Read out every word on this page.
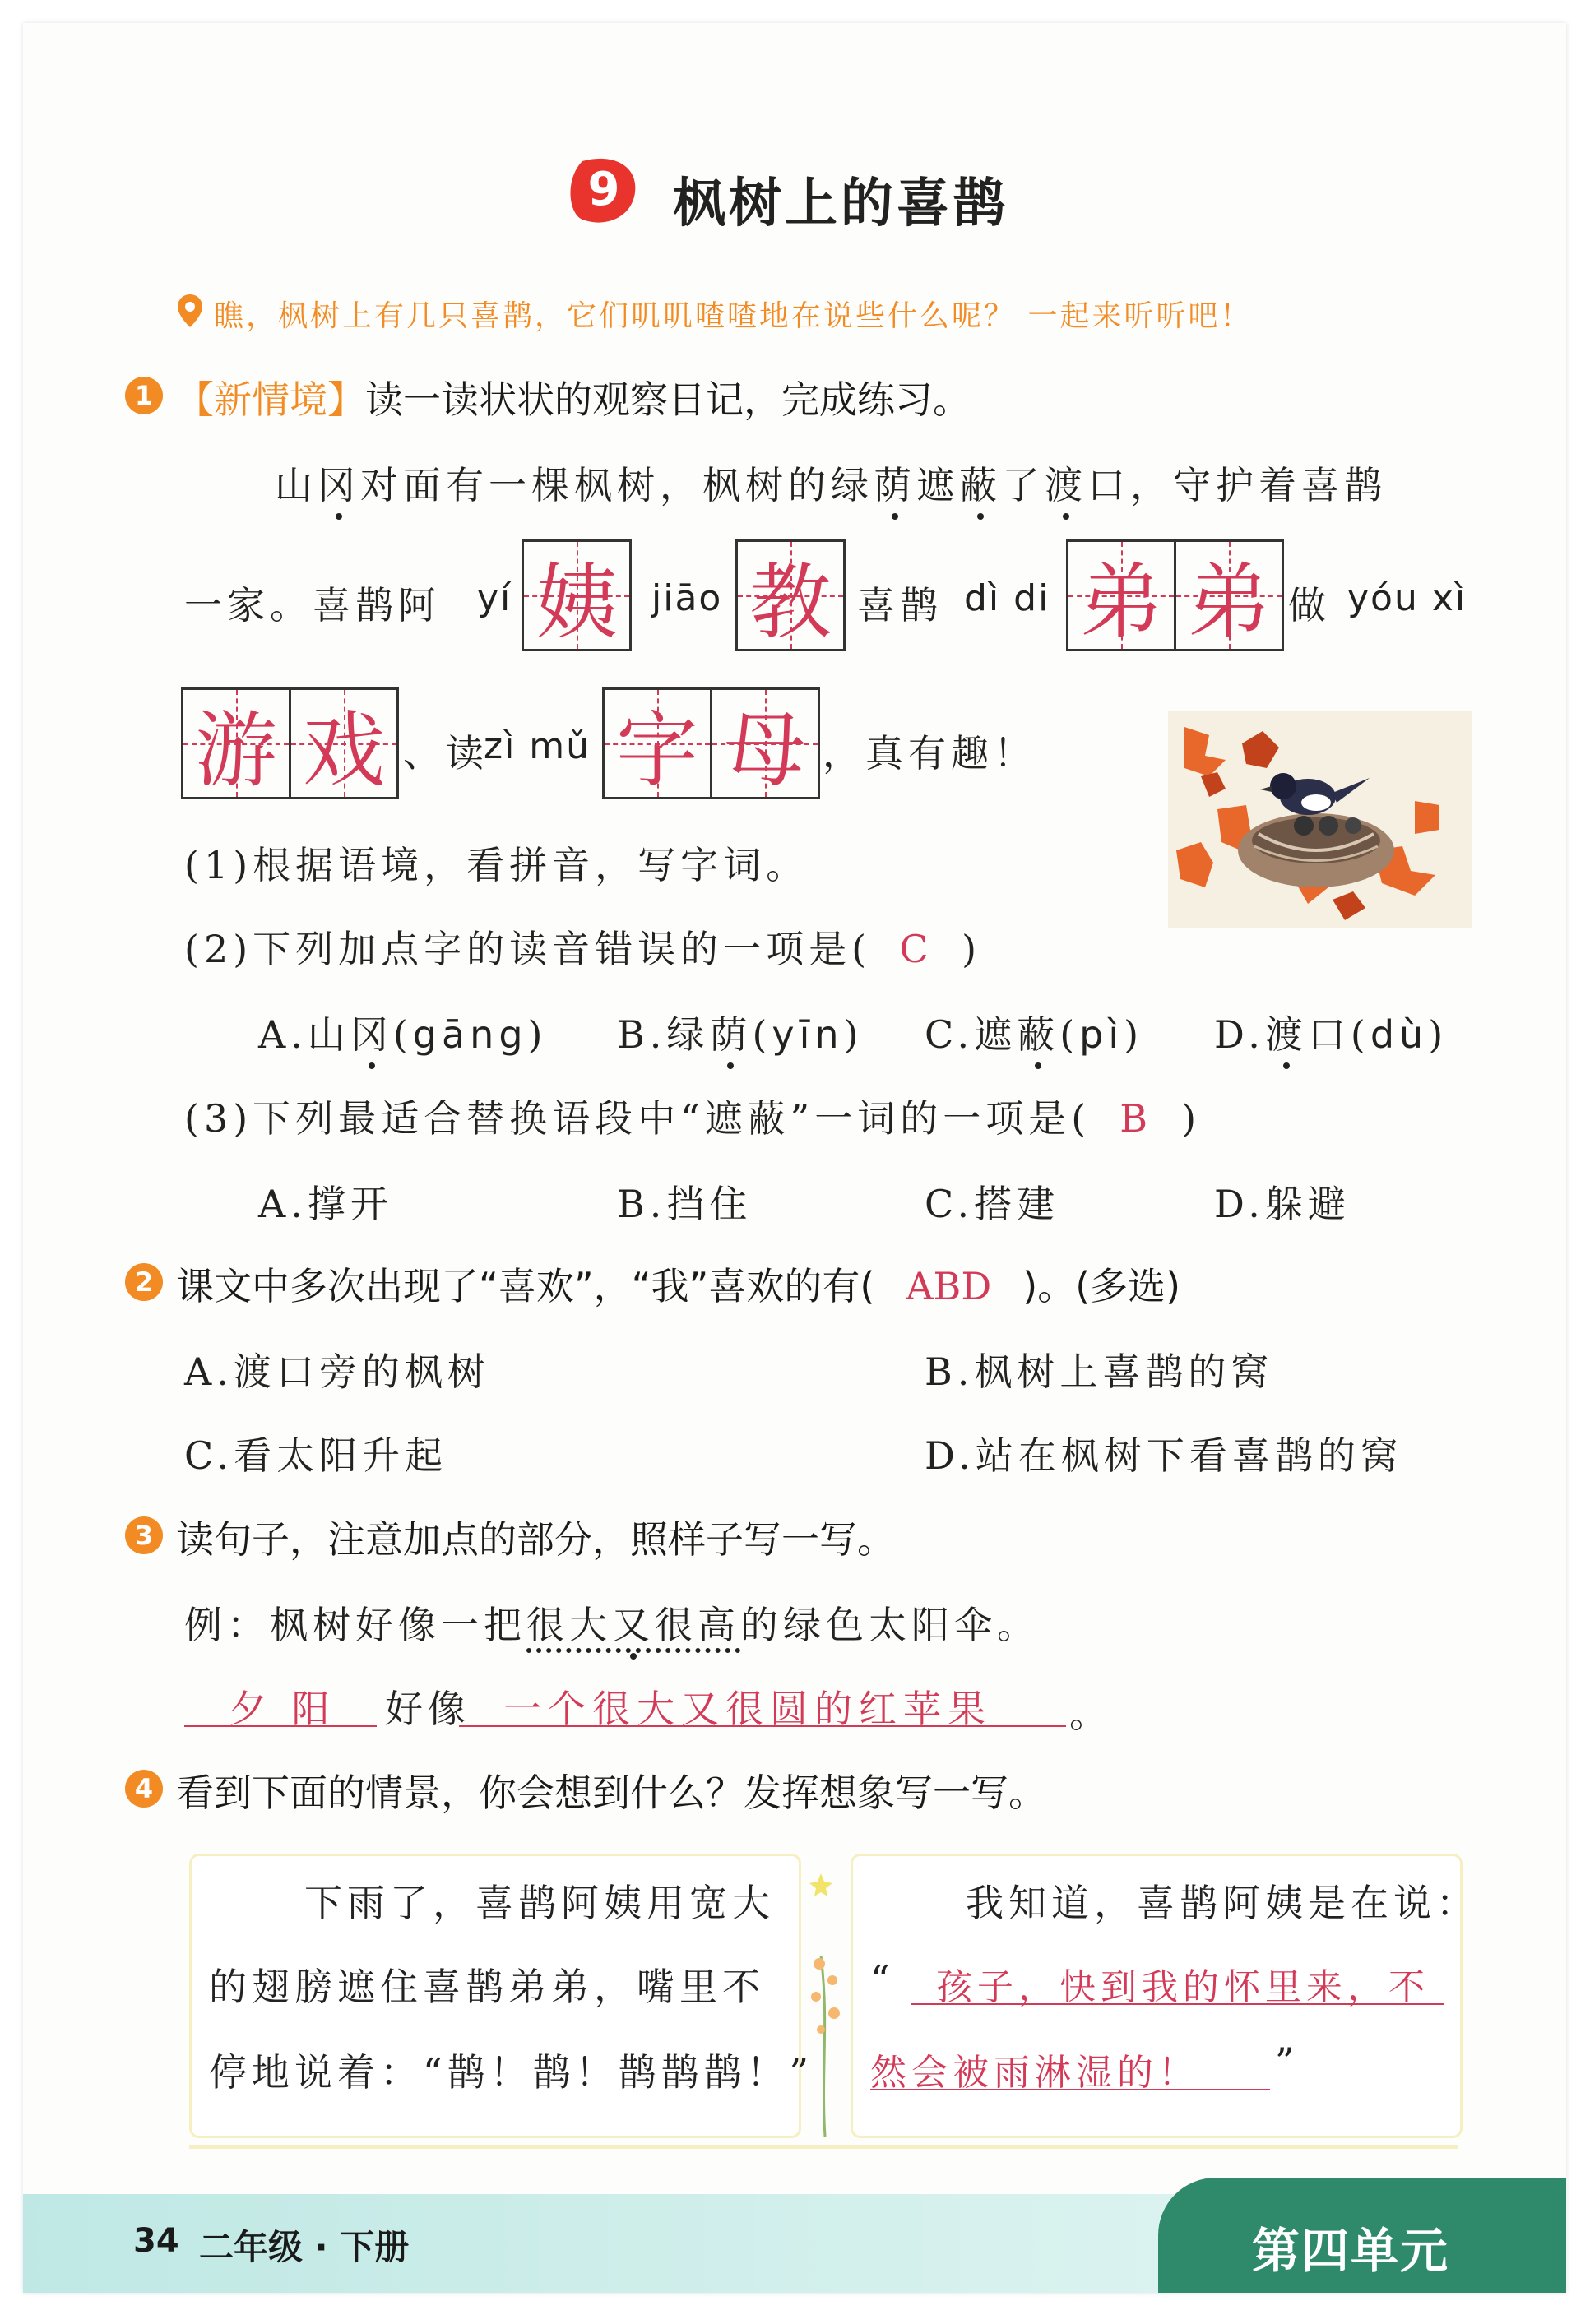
9	枫树上的喜鹊
瞧，枫树上有几只喜鹊，它们叽叽喳喳地在说些什么呢？ 一起来听听吧！
1 【新情境】读一读状状的观察日记，完成练习。
山冈对面有一棵枫树，枫树的绿荫遮蔽了渡口，守护着喜鹊
一家。喜鹊阿 yí 姨 jiāo 教 喜鹊 dì di 弟 弟 做 yóu xì
游 戏 、读
zì mǔ 字 母 ，真有趣！
(1)根据语境，看拼音，写字词。
(2)下列加点字的读音错误的一项是( C )
A.山冈(gāng) B.绿荫(yīn) C.遮蔽(pì) D.渡口(dù)
(3)下列最适合替换语段中“遮蔽”一词的一项是( B )
A.撑开	B.挡住	C.搭建	D.躲避
2 课文中多次出现了“喜欢”，“我”喜欢的有( ABD )。(多选)
A.渡口旁的枫树	B.枫树上喜鹊的窝
C.看太阳升起	D.站在枫树下看喜鹊的窝
3 读句子，注意加点的部分，照样子写一写。
例：枫树好像一把很大又很高的绿色太阳伞。
夕 阳 好像 一个很大又很圆的红苹果 。
4 看到下面的情景，你会想到什么？发挥想象写一写。
下雨了，喜鹊阿姨用宽大
的翅膀遮住喜鹊弟弟，嘴里不
停地说着：“鹊！鹊！鹊鹊鹊！”
我知道，喜鹊阿姨是在说：
“ 孩子，快到我的怀里来，不
然会被雨淋湿的！ ”
34 二年级 · 下册	第四单元
